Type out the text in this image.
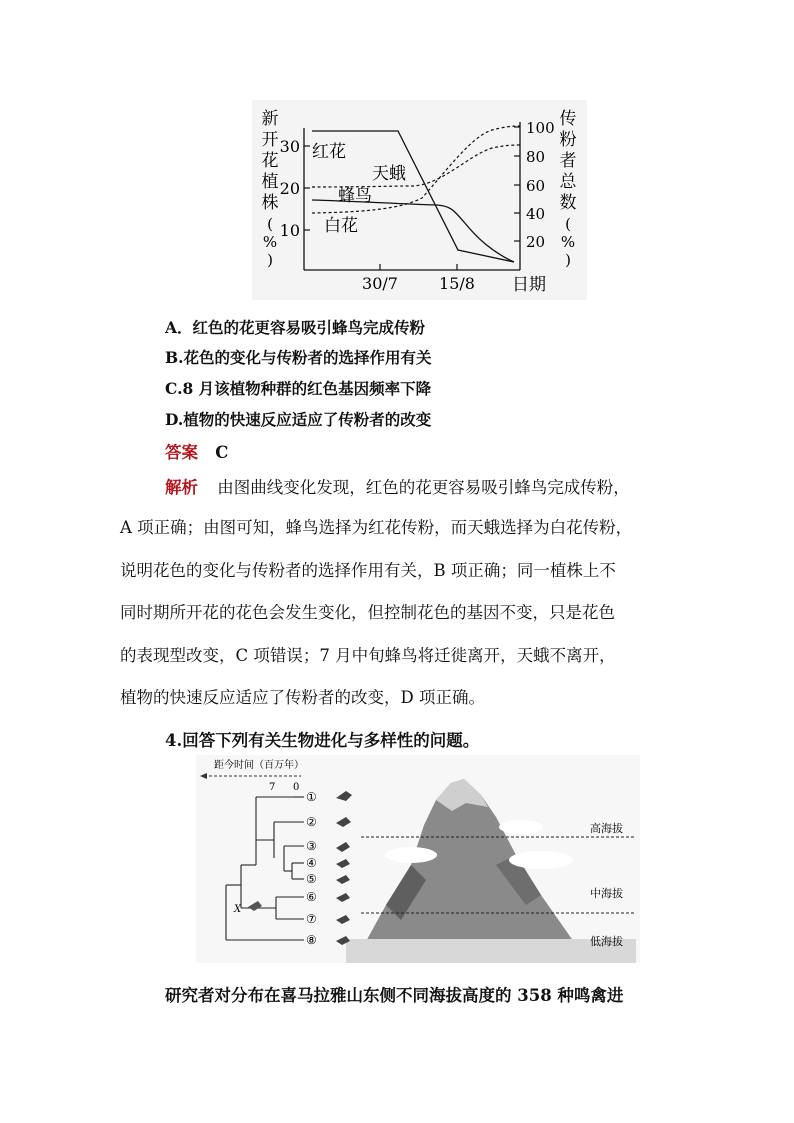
新
开
花
植
株
(
%
)
传
粉
者
总
数
(
%
)
30
20
10
100
80
60
40
20
30/7	15/8 日期
红花
天蛾
蜂鸟
白花
A．红色的花更容易吸引蜂鸟完成传粉
B.花色的变化与传粉者的选择作用有关
C.8 月该植物种群的红色基因频率下降
D.植物的快速反应适应了传粉者的改变
答案 C
解析 由图曲线变化发现，红色的花更容易吸引蜂鸟完成传粉，
A 项正确；由图可知，蜂鸟选择为红花传粉，而天蛾选择为白花传粉，
说明花色的变化与传粉者的选择作用有关，B 项正确；同一植株上不
同时期所开花的花色会发生变化，但控制花色的基因不变，只是花色
的表现型改变，C 项错误；7 月中旬蜂鸟将迁徙离开，天蛾不离开，
植物的快速反应适应了传粉者的改变，D 项正确。
4.回答下列有关生物进化与多样性的问题。
距今时间（百万年）
7 0
高海拔
中海拔
低海拔
X
①
②
③
④
⑤
⑥
⑦
⑧
研究者对分布在喜马拉雅山东侧不同海拔高度的 358 种鸣禽进
